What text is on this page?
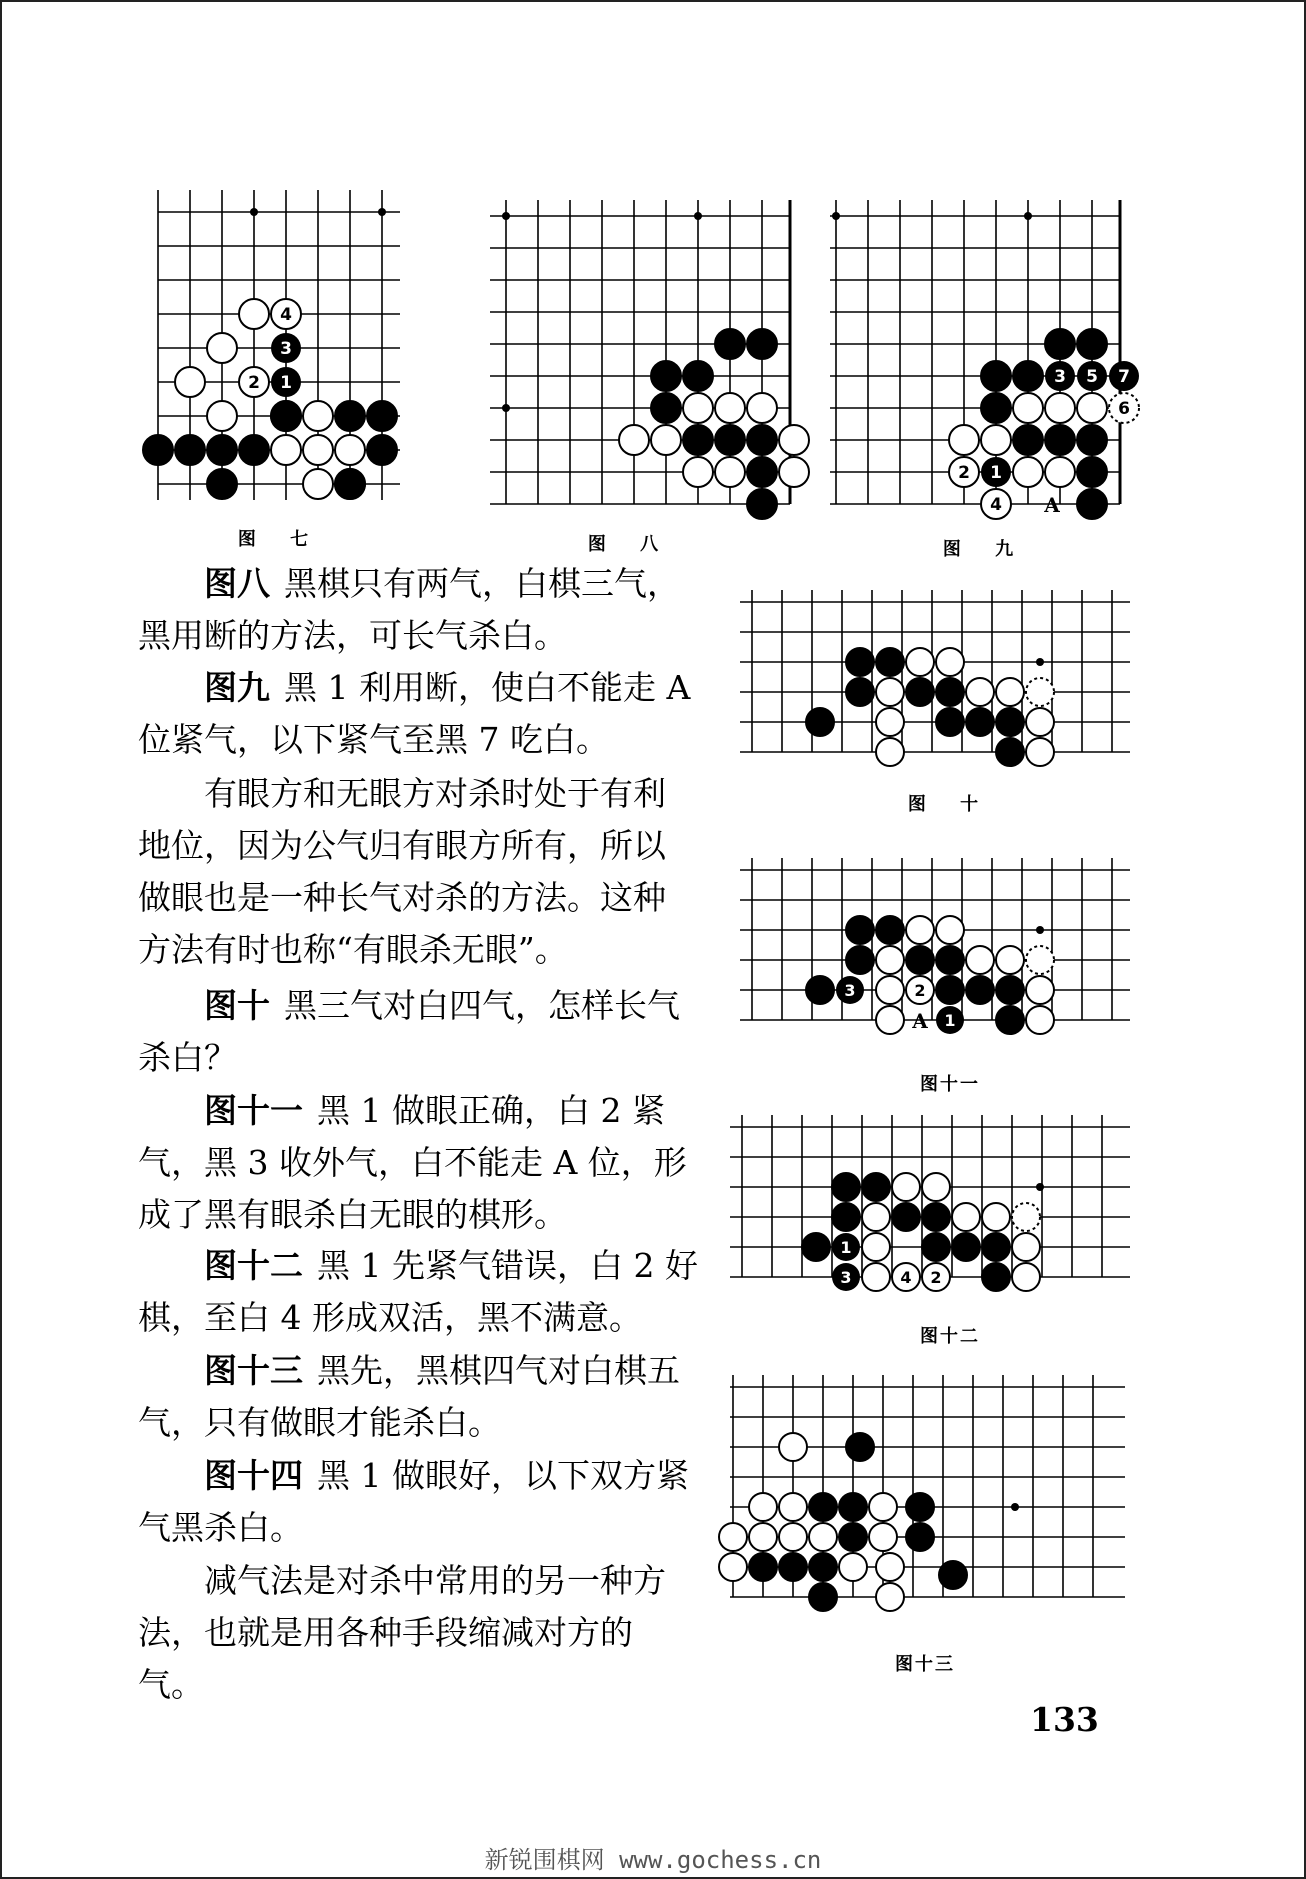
4
3
2 1
图 七	图 八
3 5 7
6
2 1
4 A
图 九
图 十
3	2
1
A
图十一
1
3	4 2
图十二
图十三
图八 黑棋只有两气，白棋三气，黑用断的方法，可长气杀白。
图九 黑 1 利用断，使白不能走 A 位紧气，以下紧气至黑 7 吃白。
有眼方和无眼方对杀时处于有利地位，因为公气归有眼方所有，所以做眼也是一种长气对杀的方法。这种方法有时也称“有眼杀无眼”。
图十 黑三气对白四气，怎样长气杀白？
图十一 黑 1 做眼正确，白 2 紧气，黑 3 收外气，白不能走 A 位，形成了黑有眼杀白无眼的棋形。
图十二 黑 1 先紧气错误，白 2 好棋，至白 4 形成双活，黑不满意。
图十三 黑先，黑棋四气对白棋五气，只有做眼才能杀白。
图十四 黑 1 做眼好，以下双方紧气黑杀白。
减气法是对杀中常用的另一种方法，也就是用各种手段缩减对方的气。
133
新锐围棋网 www.gochess.cn
